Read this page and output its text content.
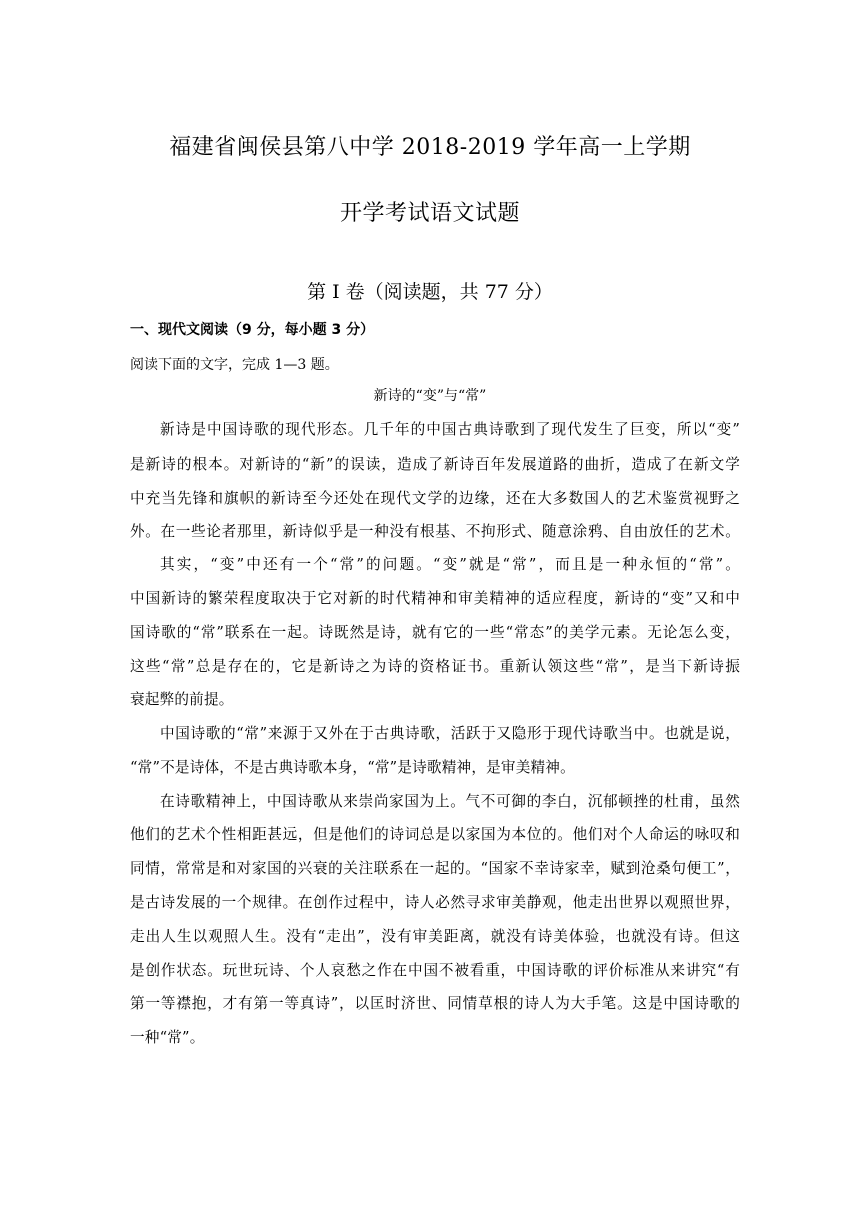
福建省闽侯县第八中学 2018-2019 学年高一上学期
开学考试语文试题
第 I 卷（阅读题，共 77 分）
一、现代文阅读（9 分，每小题 3 分）
阅读下面的文字，完成 1—3 题。
新诗的“变”与“常”
新诗是中国诗歌的现代形态。几千年的中国古典诗歌到了现代发生了巨变，所以“变”
是新诗的根本。对新诗的“新”的误读，造成了新诗百年发展道路的曲折，造成了在新文学
中充当先锋和旗帜的新诗至今还处在现代文学的边缘，还在大多数国人的艺术鉴赏视野之
外。在一些论者那里，新诗似乎是一种没有根基、不拘形式、随意涂鸦、自由放任的艺术。
其实，“变”中还有一个“常”的问题。“变”就是“常”，而且是一种永恒的“常”。
中国新诗的繁荣程度取决于它对新的时代精神和审美精神的适应程度，新诗的“变”又和中
国诗歌的“常”联系在一起。诗既然是诗，就有它的一些“常态”的美学元素。无论怎么变，
这些“常”总是存在的，它是新诗之为诗的资格证书。重新认领这些“常”，是当下新诗振
衰起弊的前提。
中国诗歌的“常”来源于又外在于古典诗歌，活跃于又隐形于现代诗歌当中。也就是说，
“常”不是诗体，不是古典诗歌本身，“常”是诗歌精神，是审美精神。
在诗歌精神上，中国诗歌从来崇尚家国为上。气不可御的李白，沉郁顿挫的杜甫，虽然
他们的艺术个性相距甚远，但是他们的诗词总是以家国为本位的。他们对个人命运的咏叹和
同情，常常是和对家国的兴衰的关注联系在一起的。“国家不幸诗家幸，赋到沧桑句便工”，
是古诗发展的一个规律。在创作过程中，诗人必然寻求审美静观，他走出世界以观照世界，
走出人生以观照人生。没有“走出”，没有审美距离，就没有诗美体验，也就没有诗。但这
是创作状态。玩世玩诗、个人哀愁之作在中国不被看重，中国诗歌的评价标准从来讲究“有
第一等襟抱，才有第一等真诗”，以匡时济世、同情草根的诗人为大手笔。这是中国诗歌的
一种“常”。
